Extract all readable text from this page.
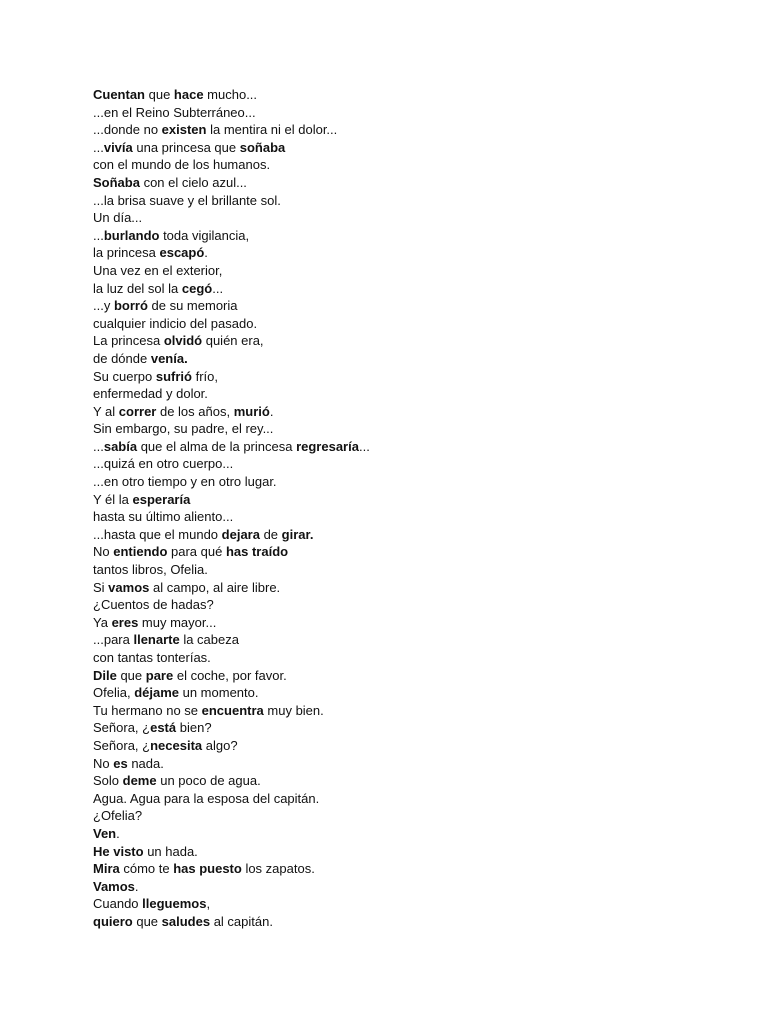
Cuentan que hace mucho...
...en el Reino Subterráneo...
...donde no existen la mentira ni el dolor...
...vivía una princesa que soñaba
con el mundo de los humanos.
Soñaba con el cielo azul...
...la brisa suave y el brillante sol.
Un día...
...burlando toda vigilancia,
la princesa escapó.
Una vez en el exterior,
la luz del sol la cegó...
...y borró de su memoria
cualquier indicio del pasado.
La princesa olvidó quién era,
de dónde venía.
Su cuerpo sufrió frío,
enfermedad y dolor.
Y al correr de los años, murió.
Sin embargo, su padre, el rey...
...sabía que el alma de la princesa regresaría...
...quizá en otro cuerpo...
...en otro tiempo y en otro lugar.
Y él la esperaría
hasta su último aliento...
...hasta que el mundo dejara de girar.
No entiendo para qué has traído
tantos libros, Ofelia.
Si vamos al campo, al aire libre.
¿Cuentos de hadas?
Ya eres muy mayor...
...para llenarte la cabeza
con tantas tonterías.
Dile que pare el coche, por favor.
Ofelia, déjame un momento.
Tu hermano no se encuentra muy bien.
Señora, ¿está bien?
Señora, ¿necesita algo?
No es nada.
Solo deme un poco de agua.
Agua. Agua para la esposa del capitán.
¿Ofelia?
Ven.
He visto un hada.
Mira cómo te has puesto los zapatos.
Vamos.
Cuando lleguemos,
quiero que saludes al capitán.
